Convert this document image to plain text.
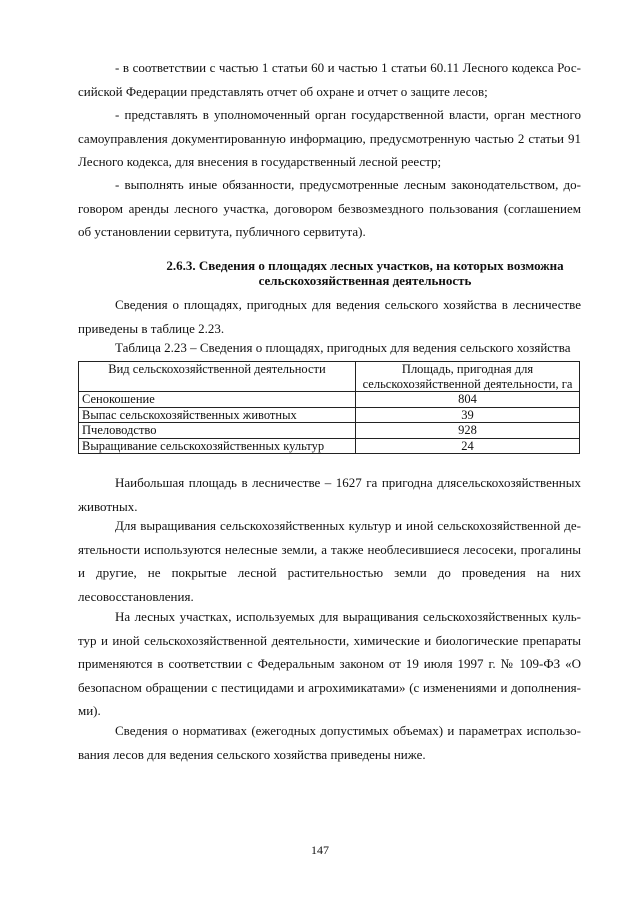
- в соответствии с частью 1 статьи 60 и частью 1 статьи 60.11 Лесного кодекса Российской Федерации представлять отчет об охране и отчет о защите лесов;

- представлять в уполномоченный орган государственной власти, орган местного самоуправления документированную информацию, предусмотренную частью 2 статьи 91 Лесного кодекса, для внесения в государственный лесной реестр;

- выполнять иные обязанности, предусмотренные лесным законодательством, договором аренды лесного участка, договором безвозмездного пользования (соглашением об установлении сервитута, публичного сервитута).

2.6.3. Сведения о площадях лесных участков, на которых возможна
сельскохозяйственная деятельность

Сведения о площадях, пригодных для ведения сельского хозяйства в лесничестве приведены в таблице 2.23.

Таблица 2.23 – Сведения о площадях, пригодных для ведения сельского хозяйства

Вид сельскохозяйственной деятельности	Площадь, пригодная для сельскохозяйственной деятельности, га
Сенокошение	804
Выпас сельскохозяйственных животных	39
Пчеловодство	928
Выращивание сельскохозяйственных культур	24

Наибольшая площадь в лесничестве – 1627 га пригодна длясельскохозяйственных животных.

Для выращивания сельскохозяйственных культур и иной сельскохозяйственной деятельности используются нелесные земли, а также необлесившиеся лесосеки, прогалины и другие, не покрытые лесной растительностью земли до проведения на них лесовосстановления.

На лесных участках, используемых для выращивания сельскохозяйственных культур и иной сельскохозяйственной деятельности, химические и биологические препараты применяются в соответствии с Федеральным законом от 19 июля 1997 г. № 109-ФЗ «О безопасном обращении с пестицидами и агрохимикатами» (с изменениями и дополнениями).

Сведения о нормативах (ежегодных допустимых объемах) и параметрах использования лесов для ведения сельского хозяйства приведены ниже.

147
